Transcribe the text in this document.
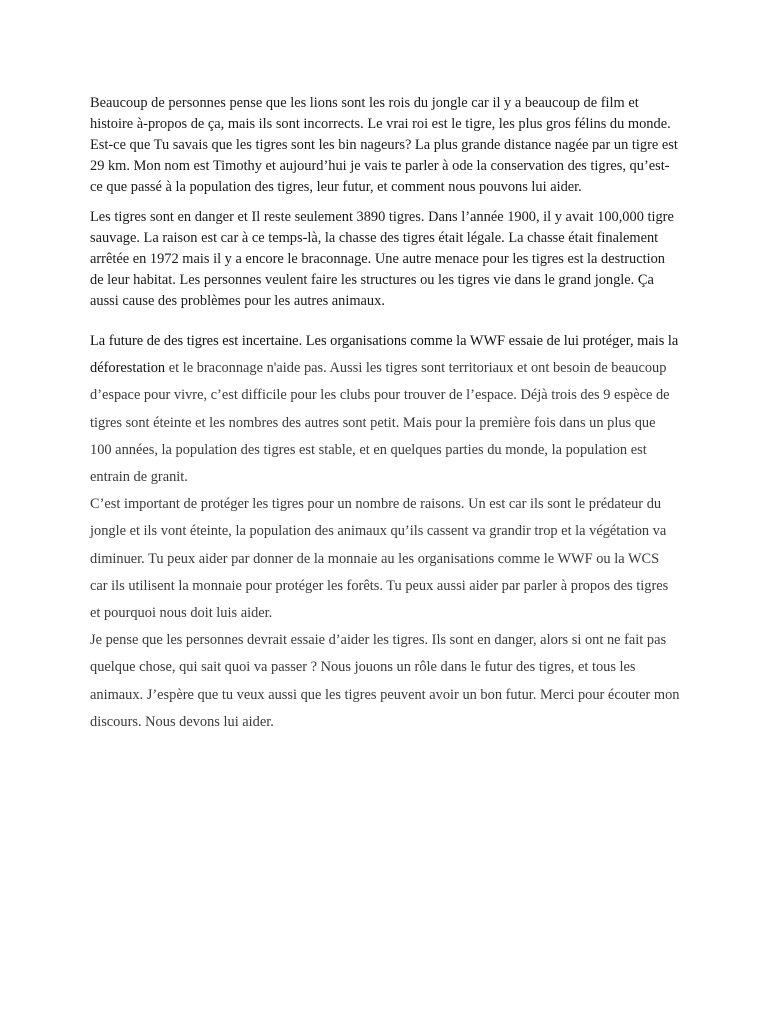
Beaucoup de personnes pense que les lions sont les rois du jongle car il y a beaucoup de film et histoire à-propos de ça, mais ils sont incorrects. Le vrai roi est le tigre, les plus gros félins du monde. Est-ce que Tu savais que les tigres sont les bin nageurs? La plus grande distance nagée par un tigre est 29 km. Mon nom est Timothy et aujourd’hui je vais te parler à ode la conservation des tigres, qu’est-ce que passé à la population des tigres, leur futur, et comment nous pouvons lui aider.

Les tigres sont en danger et Il reste seulement 3890 tigres. Dans l’année 1900, il y avait 100,000 tigre sauvage. La raison est car à ce temps-là, la chasse des tigres était légale. La chasse était finalement arrêtée en 1972 mais il y a encore le braconnage. Une autre menace pour les tigres est la destruction de leur habitat. Les personnes veulent faire les structures ou les tigres vie dans le grand jongle. Ça aussi cause des problèmes pour les autres animaux.

La future de des tigres est incertaine. Les organisations comme la WWF essaie de lui protéger, mais la déforestation et le braconnage n'aide pas. Aussi les tigres sont territoriaux et ont besoin de beaucoup d’espace pour vivre, c’est difficile pour les clubs pour trouver de l’espace. Déjà trois des 9 espèce de tigres sont éteinte et les nombres des autres sont petit. Mais pour la première fois dans un plus que 100 années, la population des tigres est stable, et en quelques parties du monde, la population est entrain de granit.

C’est important de protéger les tigres pour un nombre de raisons. Un est car ils sont le prédateur du jongle et ils vont éteinte, la population des animaux qu’ils cassent va grandir trop et la végétation va diminuer. Tu peux aider par donner de la monnaie au les organisations comme le WWF ou la WCS car ils utilisent la monnaie pour protéger les forêts. Tu peux aussi aider par parler à propos des tigres et pourquoi nous doit luis aider.

Je pense que les personnes devrait essaie d’aider les tigres. Ils sont en danger, alors si ont ne fait pas quelque chose, qui sait quoi va passer ? Nous jouons un rôle dans le futur des tigres, et tous les animaux. J’espère que tu veux aussi que les tigres peuvent avoir un bon futur. Merci pour écouter mon discours. Nous devons lui aider.
